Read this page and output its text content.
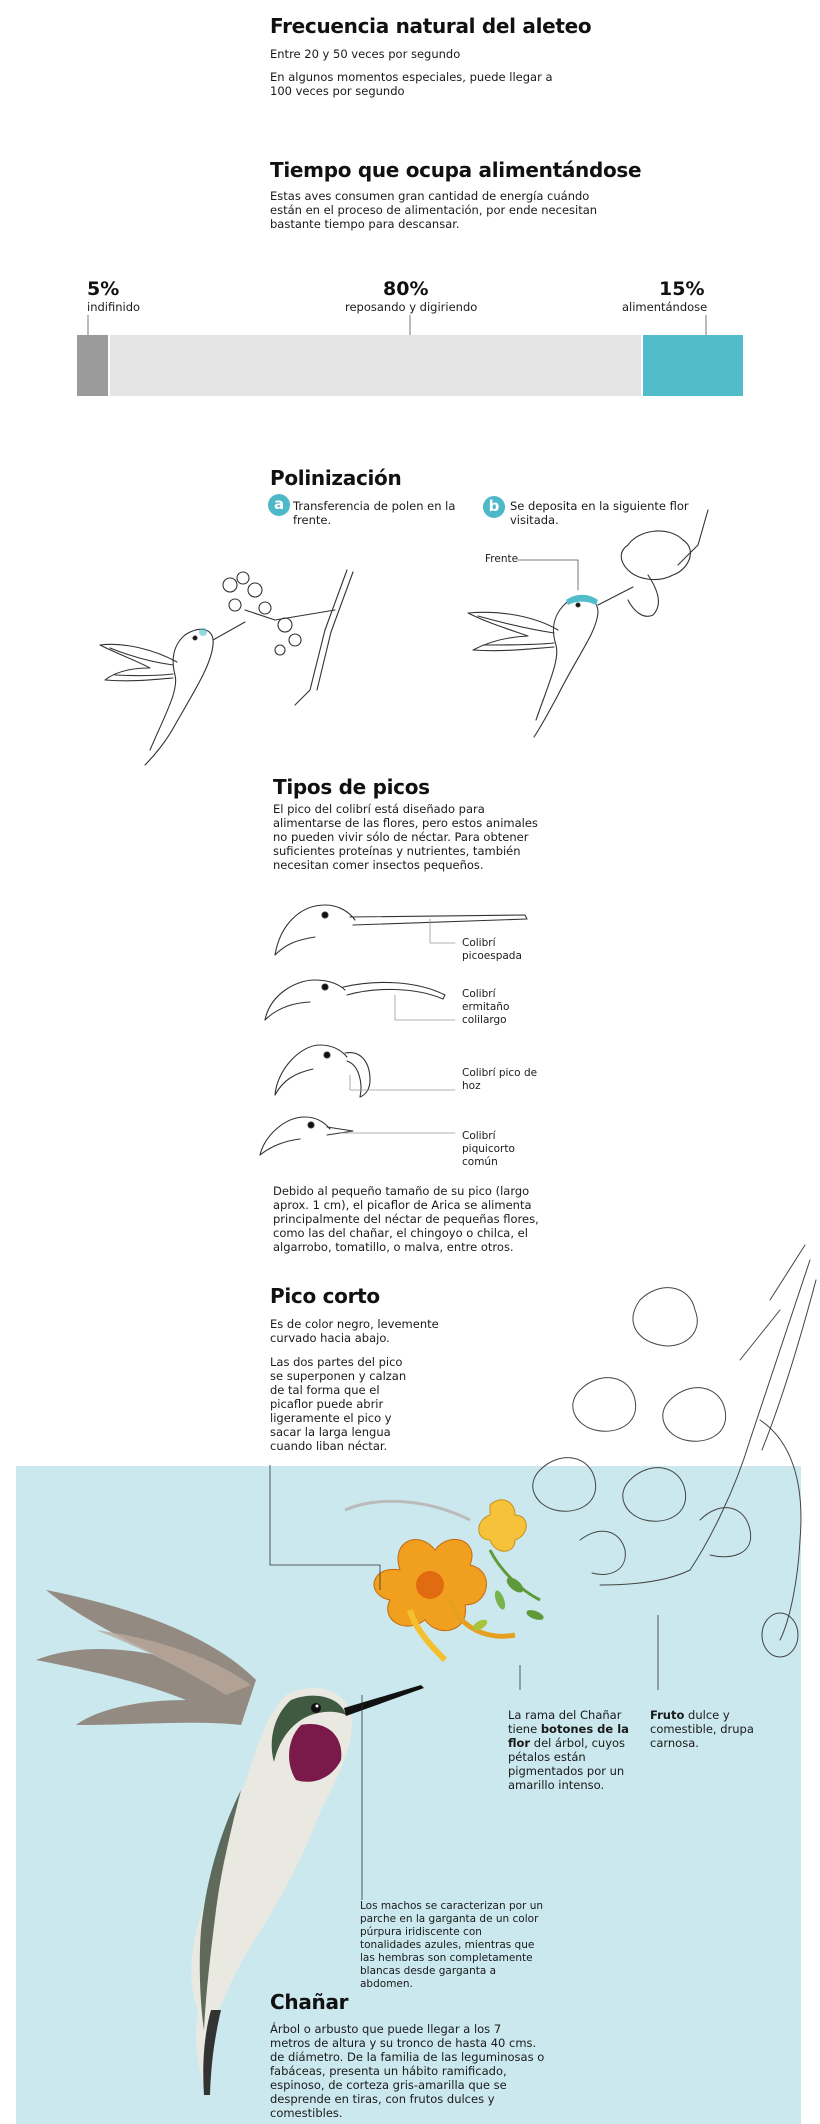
Frecuencia natural del aleteo

Entre 20 y 50 veces por segundo

En algunos momentos especiales, puede llegar a 100 veces por segundo

Tiempo que ocupa alimentándose

Estas aves consumen gran cantidad de energía cuándo están en el proceso de alimentación, por ende necesitan bastante tiempo para descansar.

5%
indifinido
80%
reposando y digiriendo
15%
alimentándose
Polinización
a Transferencia de polen en la frente.

b Se deposita en la siguiente flor visitada.

Frente
Tipos de picos

El pico del colibrí está diseñado para alimentarse de las flores, pero estos animales no pueden vivir sólo de néctar. Para obtener suficientes proteínas y nutrientes, también necesitan comer insectos pequeños.

Colibrí picoespada
Colibrí ermitaño colilargo
Colibrí pico de hoz
Colibrí piquicorto común

Debido al pequeño tamaño de su pico (largo aprox. 1 cm), el picaflor de Arica se alimenta principalmente del néctar de pequeñas flores, como las del chañar, el chingoyo o chilca, el algarrobo, tomatillo, o malva, entre otros.

Pico corto

Es de color negro, levemente curvado hacia abajo.

Las dos partes del pico se superponen y calzan de tal forma que el picaflor puede abrir ligeramente el pico y sacar la larga lengua cuando liban néctar.

La rama del Chañar tiene botones de la flor del árbol, cuyos pétalos están pigmentados por un amarillo intenso.

Fruto dulce y comestible, drupa carnosa.

Los machos se caracterizan por un parche en la garganta de un color púrpura iridiscente con tonalidades azules, mientras que las hembras son completamente blancas desde garganta a abdomen.

Chañar

Árbol o arbusto que puede llegar a los 7 metros de altura y su tronco de hasta 40 cms. de diámetro. De la familia de las leguminosas o fabáceas, presenta un hábito ramificado, espinoso, de corteza gris-amarilla que se desprende en tiras, con frutos dulces y comestibles.
